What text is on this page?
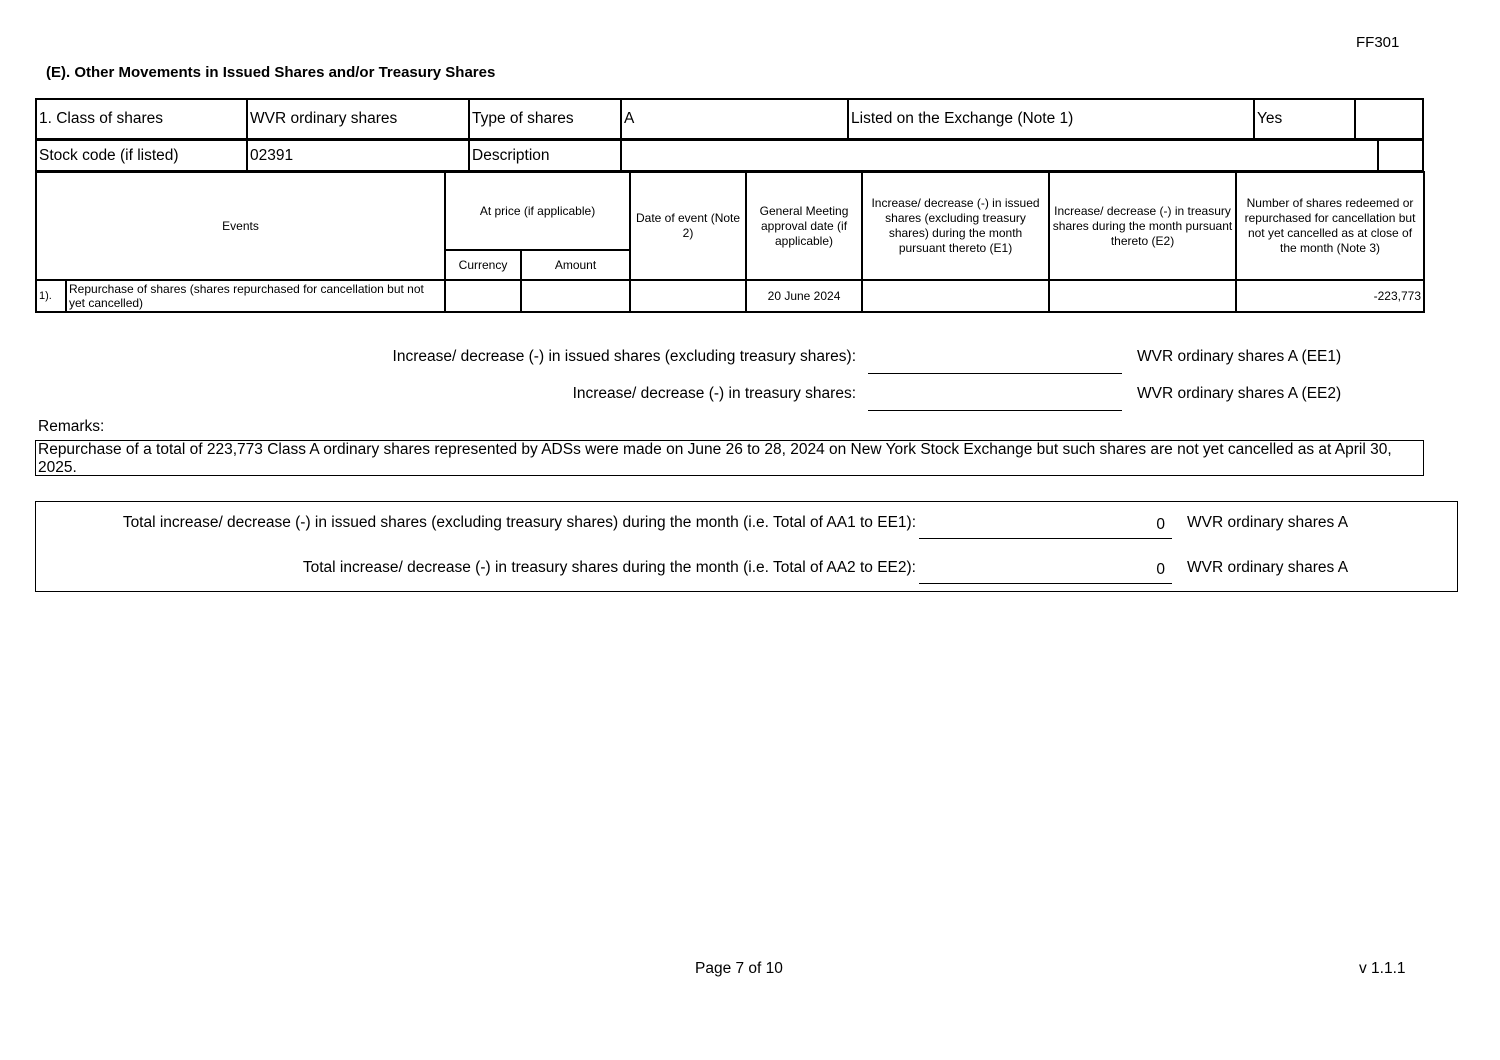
FF301
(E). Other Movements in Issued Shares and/or Treasury Shares
1. Class of shares	WVR ordinary shares	Type of shares	A	Listed on the Exchange (Note 1)	Yes	
Stock code (if listed)	02391	Description		
Events		At price (if applicable)		Date of event (Note 2)	General Meeting approval date (if applicable)	Increase/ decrease (-) in issued shares (excluding treasury shares) during the month pursuant thereto (E1)	Increase/ decrease (-) in treasury shares during the month pursuant thereto (E2)	Number of shares redeemed or repurchased for cancellation but not yet cancelled as at close of the month (Note 3)
		Currency	Amount					
1).	Repurchase of shares (shares repurchased for cancellation but not yet cancelled)				20 June 2024			-223,773
Increase/ decrease (-) in issued shares (excluding treasury shares):	WVR ordinary shares A (EE1)
Increase/ decrease (-) in treasury shares:	WVR ordinary shares A (EE2)
Remarks:
Repurchase of a total of 223,773 Class A ordinary shares represented by ADSs were made on June 26 to 28, 2024 on New York Stock Exchange but such shares are not yet cancelled as at April 30, 2025.
Total increase/ decrease (-) in issued shares (excluding treasury shares) during the month (i.e. Total of AA1 to EE1):	0	WVR ordinary shares A
Total increase/ decrease (-) in treasury shares during the month (i.e. Total of AA2 to EE2):	0	WVR ordinary shares A
Page 7 of 10	v 1.1.1
